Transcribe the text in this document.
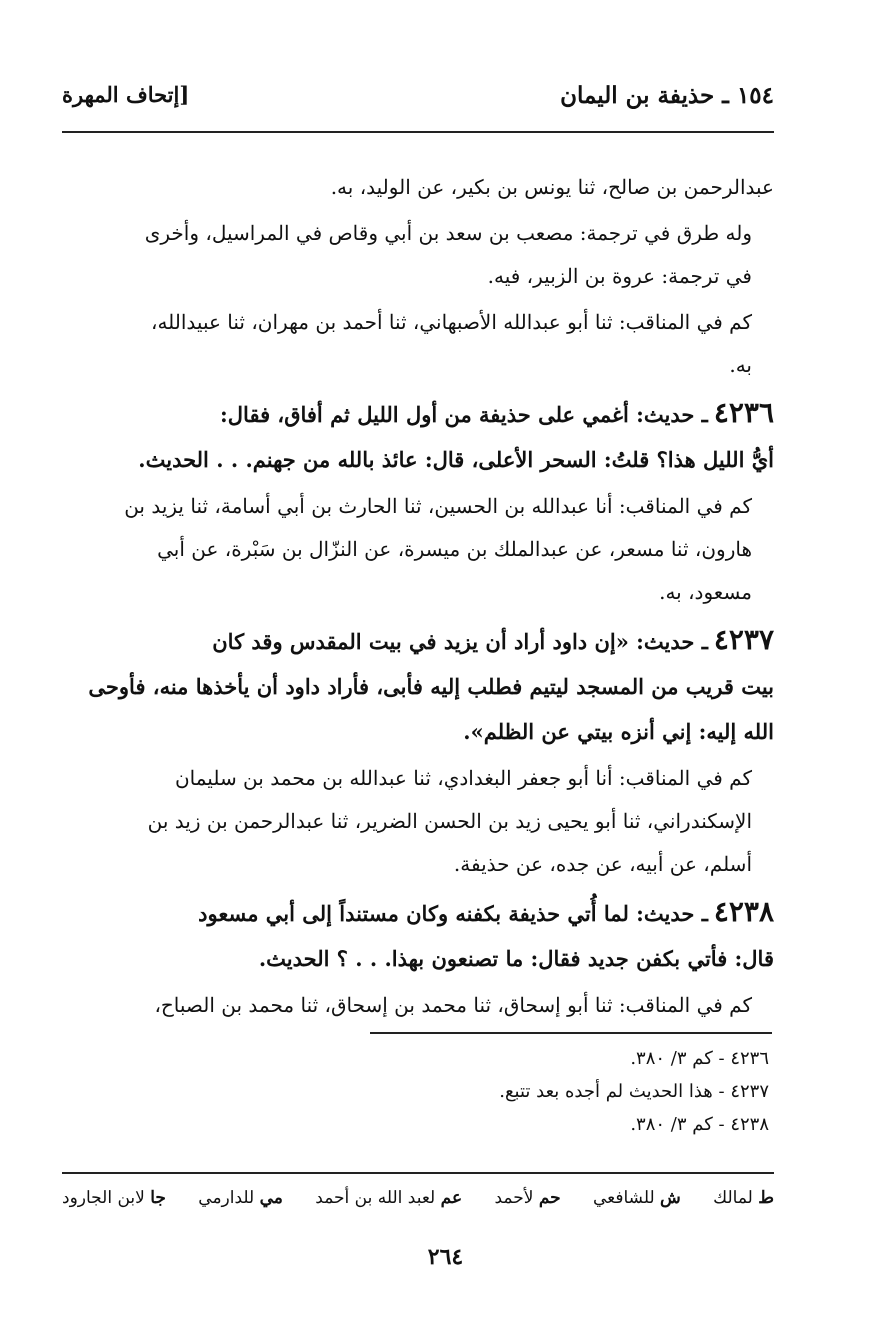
١٥٤ ـ حذيفة بن اليمان
[إتحاف المهرة

عبدالرحمن بن صالح، ثنا يونس بن بكير، عن الوليد، به.

وله طرق في ترجمة: مصعب بن سعد بن أبي وقاص في المراسيل، وأخرى
في ترجمة: عروة بن الزبير، فيه.

كم في المناقب: ثنا أبو عبدالله الأصبهاني، ثنا أحمد بن مهران، ثنا عبيدالله،
به.

٤٢٣٦ـ حديث: أغمي على حذيفة من أول الليل ثم أفاق، فقال:
أيُّ الليل هذا؟ قلتُ: السحر الأعلى، قال: عائذ بالله من جهنم. . . الحديث.

كم في المناقب: أنا عبدالله بن الحسين، ثنا الحارث بن أبي أسامة، ثنا يزيد بن
هارون، ثنا مسعر، عن عبدالملك بن ميسرة، عن النزّال بن سَبْرة، عن أبي
مسعود، به.

٤٢٣٧ـ حديث: «إن داود أراد أن يزيد في بيت المقدس وقد كان
بيت قريب من المسجد ليتيم فطلب إليه فأبى، فأراد داود أن يأخذها منه، فأوحى
الله إليه: إني أنزه بيتي عن الظلم».

كم في المناقب: أنا أبو جعفر البغدادي، ثنا عبدالله بن محمد بن سليمان
الإسكندراني، ثنا أبو يحيى زيد بن الحسن الضرير، ثنا عبدالرحمن بن زيد بن
أسلم، عن أبيه، عن جده، عن حذيفة.

٤٢٣٨ـ حديث: لما أُتي حذيفة بكفنه وكان مستنداً إلى أبي مسعود
قال: فأتي بكفن جديد فقال: ما تصنعون بهذا. . . ؟ الحديث.

كم في المناقب: ثنا أبو إسحاق، ثنا محمد بن إسحاق، ثنا محمد بن الصباح،

٤٢٣٦ - كم ٣/ ٣٨٠.
٤٢٣٧ - هذا الحديث لم أجده بعد تتبع.
٤٢٣٨ - كم ٣/ ٣٨٠.
ط لمالك
ش للشافعي
حم لأحمد
عم لعبد الله بن أحمد
مي للدارمي
جا لابن الجارود
٢٦٤
